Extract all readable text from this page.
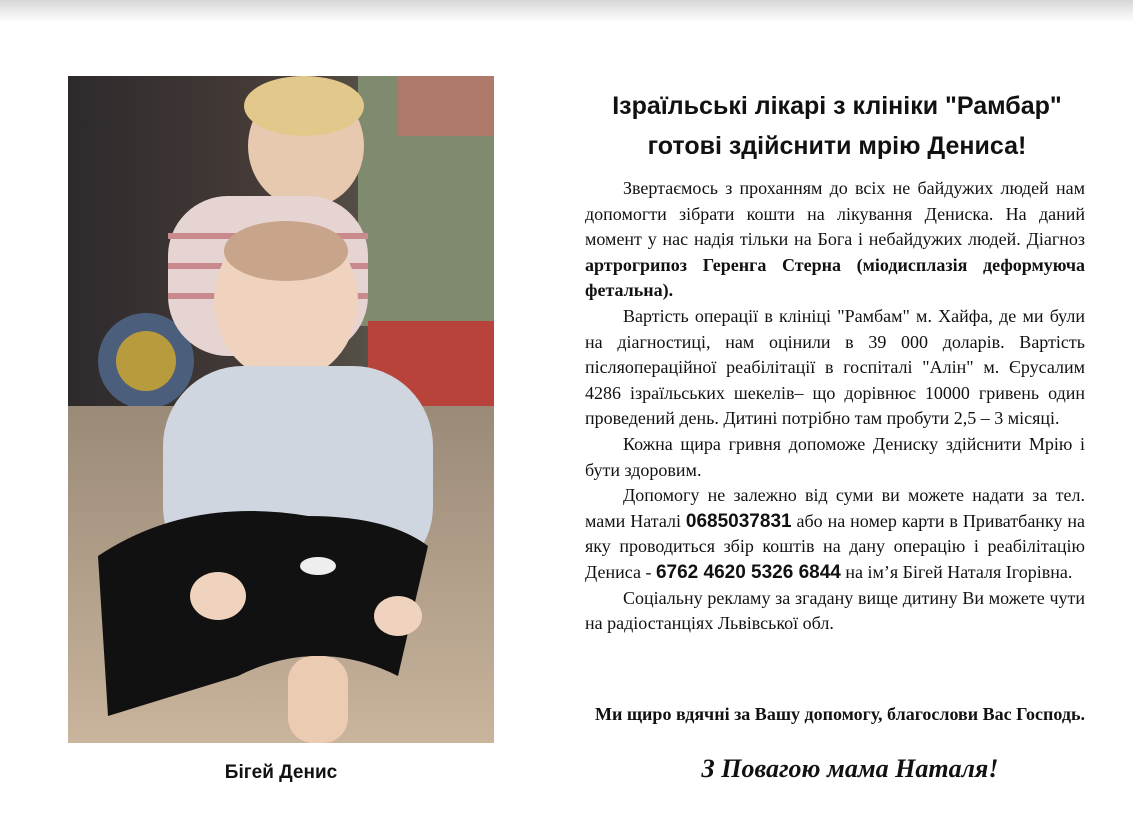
Бігей Денис
Ізраїльські лікарі з клініки "Рамбар"
готові здійснити мрію Дениса!

Звертаємось з проханням до всіх не байдужих людей нам допомогти зібрати кошти на лікування Дениска. На даний момент у нас надія тільки на Бога і небайдужих людей. Діагноз артрогрипоз Геренга Стерна (міодисплазія деформуюча фетальна).

Вартість операції в клініці "Рамбам" м. Хайфа, де ми були на діагностиці, нам оцінили в 39 000 доларів. Вартість післяопераційної реабілітації в госпіталі "Алін" м. Єрусалим 4286 ізраїльських шекелів– що дорівнює 10000 гривень один проведений день. Дитині потрібно там пробути 2,5 – 3 місяці.

Кожна щира гривня допоможе Дениску здійснити Мрію і бути здоровим.

Допомогу не залежно від суми ви можете надати за тел. мами Наталі 0685037831 або на номер карти в Приватбанку на яку проводиться збір коштів на дану операцію і реабілітацію Дениса - 6762 4620 5326 6844 на ім’я Бігей Наталя Ігорівна.

Соціальну рекламу за згадану вище дитину Ви можете чути на радіостанціях Львівської обл.

Ми щиро вдячні за Вашу допомогу, благослови Вас Господь.
З Повагою мама Наталя!
